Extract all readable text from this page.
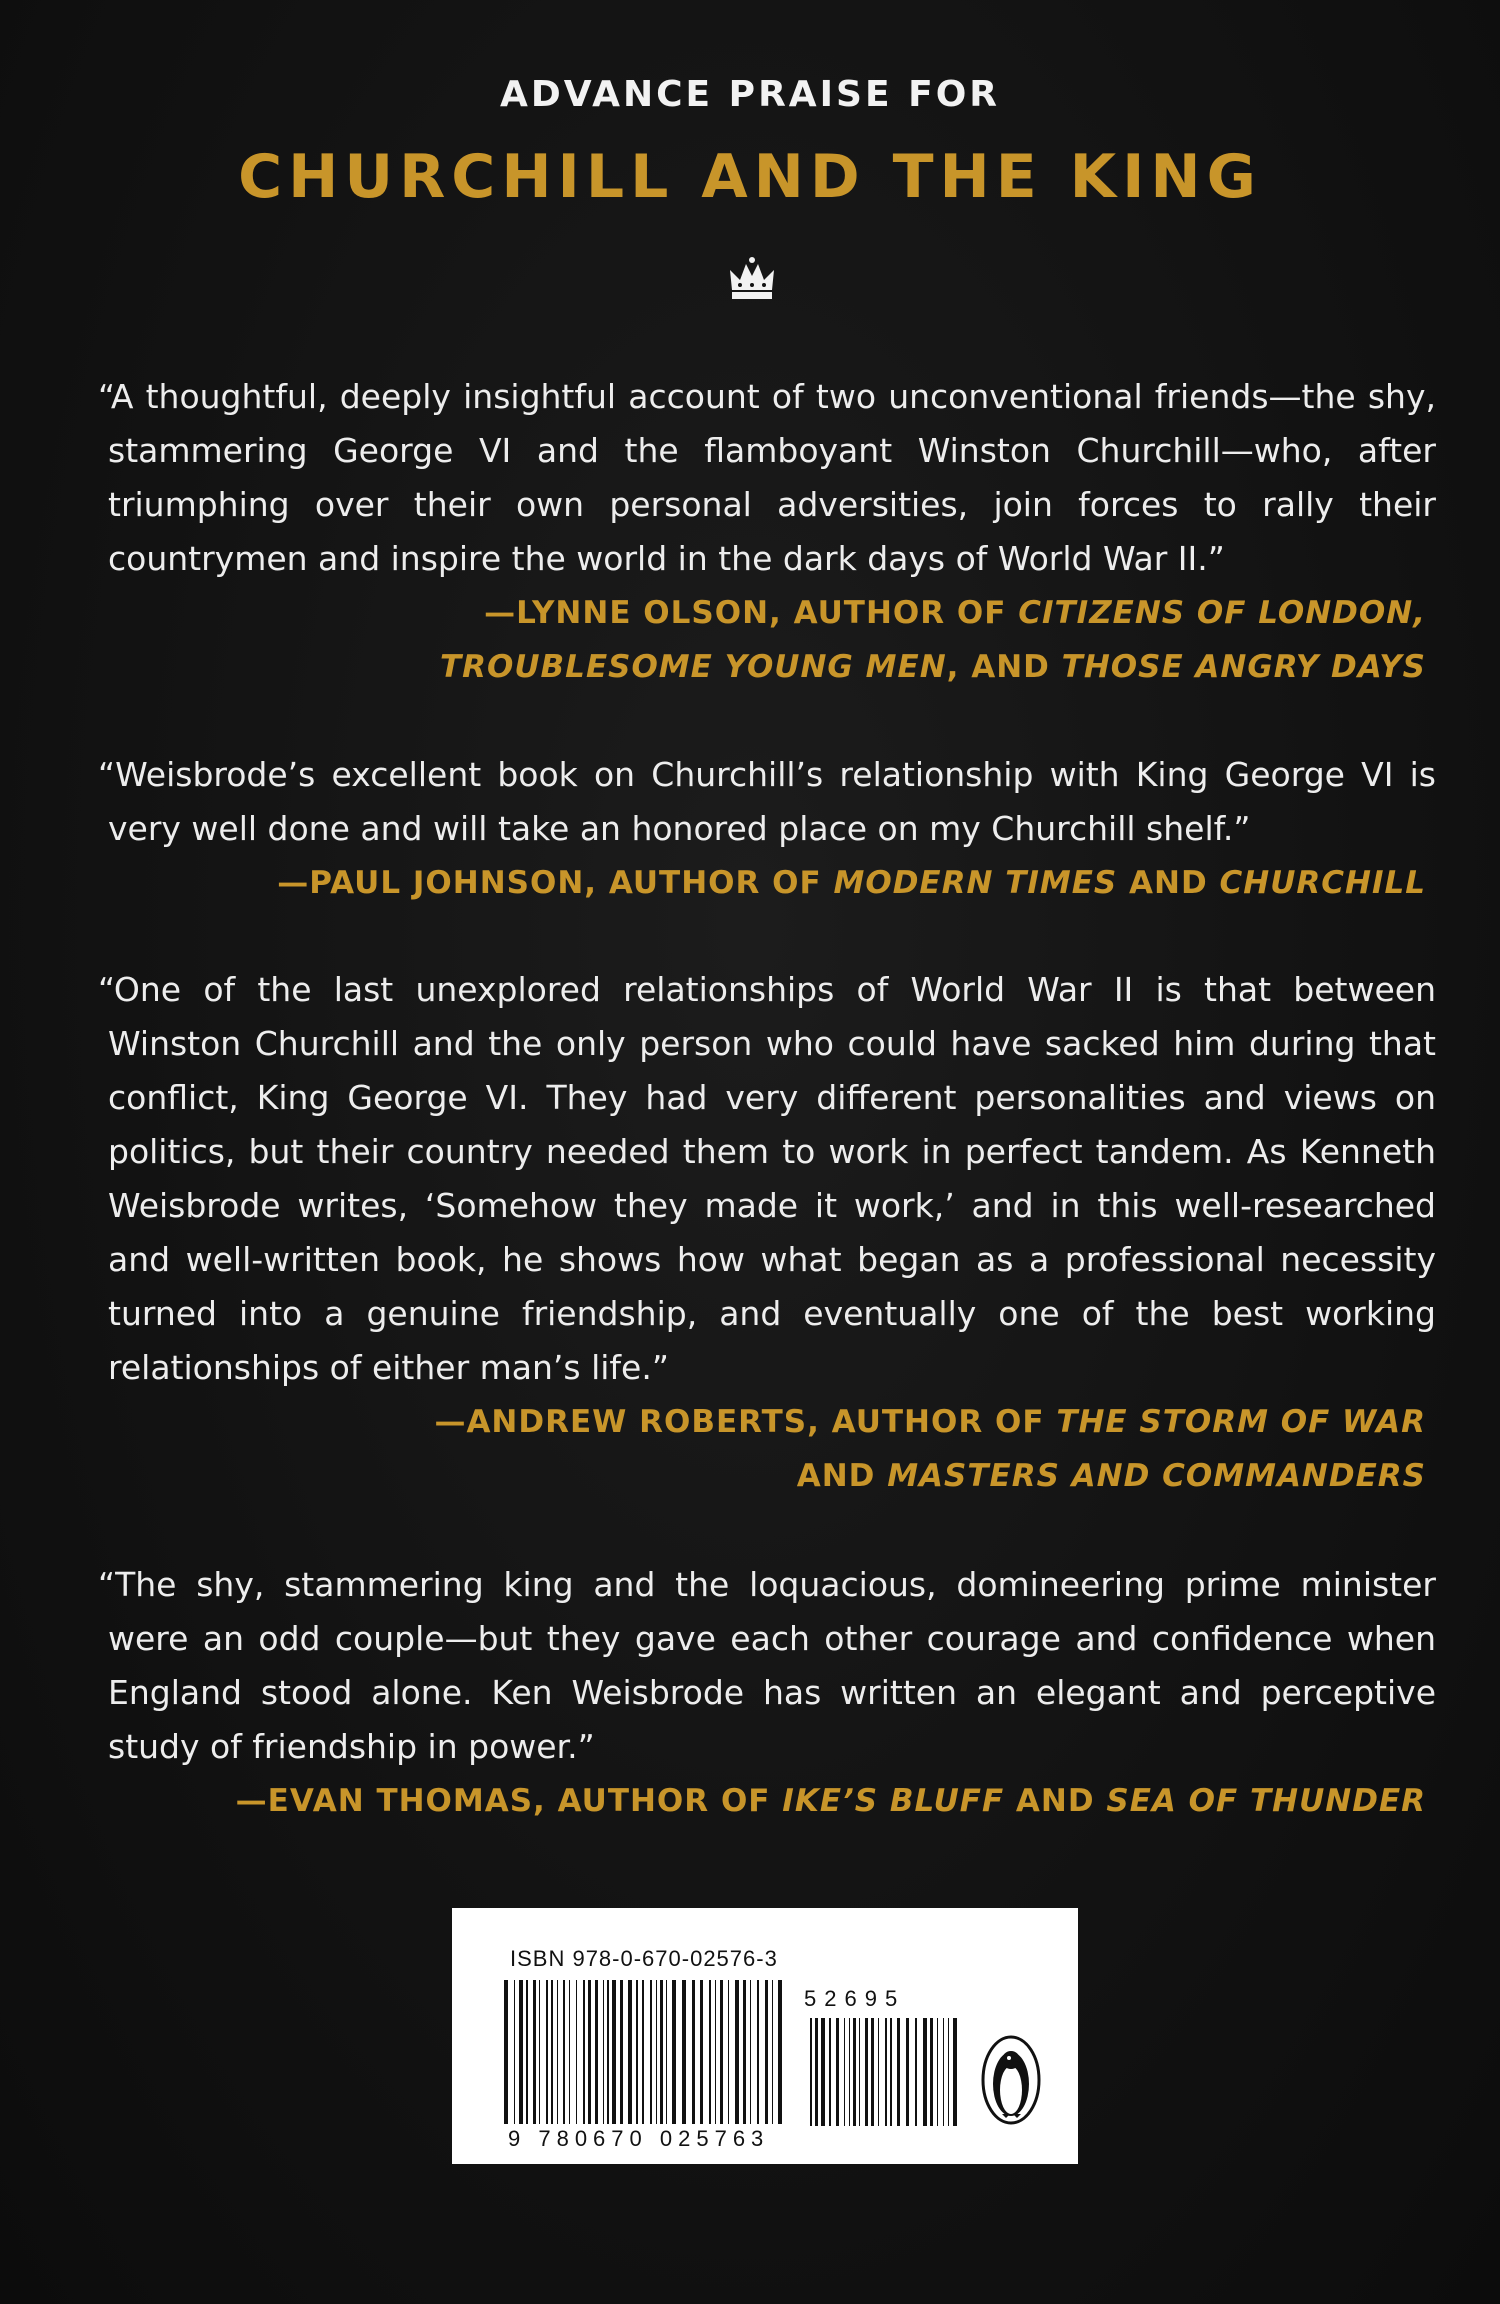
ADVANCE PRAISE FOR
CHURCHILL AND THE KING
“A thoughtful, deeply insightful account of two unconventional friends—the shy, stammering George VI and the flamboyant Winston Churchill—who, after triumphing over their own personal adversities, join forces to rally their countrymen and inspire the world in the dark days of World War II.”
—LYNNE OLSON, AUTHOR OF CITIZENS OF LONDON,
TROUBLESOME YOUNG MEN, AND THOSE ANGRY DAYS
“Weisbrode’s excellent book on Churchill’s relationship with King George VI is very well done and will take an honored place on my Churchill shelf.”
—PAUL JOHNSON, AUTHOR OF MODERN TIMES AND CHURCHILL
“One of the last unexplored relationships of World War II is that between Winston Churchill and the only person who could have sacked him during that conflict, King George VI. They had very different personalities and views on politics, but their country needed them to work in perfect tandem. As Kenneth Weisbrode writes, ‘Somehow they made it work,’ and in this well-researched and well-written book, he shows how what began as a professional necessity turned into a genuine friendship, and eventually one of the best working relationships of either man’s life.”
—ANDREW ROBERTS, AUTHOR OF THE STORM OF WAR
AND MASTERS AND COMMANDERS
“The shy, stammering king and the loquacious, domineering prime minister were an odd couple—but they gave each other courage and confidence when England stood alone. Ken Weisbrode has written an elegant and perceptive study of friendship in power.”
—EVAN THOMAS, AUTHOR OF IKE’S BLUFF AND SEA OF THUNDER
ISBN 978-0-670-02576-3
9 780670 025763
52695
